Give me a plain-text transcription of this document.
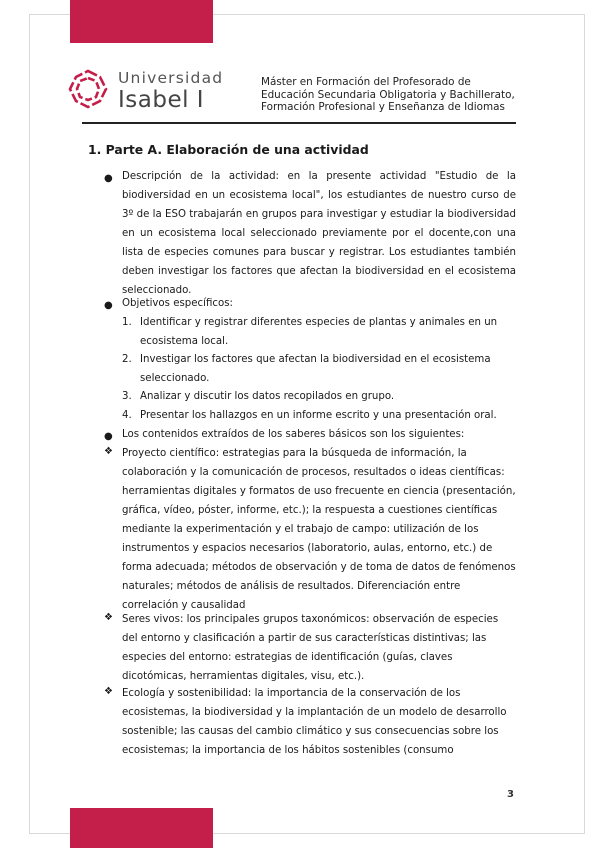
Universidad
Isabel I
Máster en Formación del Profesorado de
Educación Secundaria Obligatoria y Bachillerato,
Formación Profesional y Enseñanza de Idiomas
1. Parte A. Elaboración de una actividad
● Descripción de la actividad: en la presente actividad "Estudio de la
biodiversidad en un ecosistema local", los estudiantes de nuestro curso de
3º de la ESO trabajarán en grupos para investigar y estudiar la biodiversidad
en un ecosistema local seleccionado previamente por el docente,con una
lista de especies comunes para buscar y registrar. Los estudiantes también
deben investigar los factores que afectan la biodiversidad en el ecosistema
seleccionado.
● Objetivos específicos:
1. Identificar y registrar diferentes especies de plantas y animales en un
ecosistema local.
2. Investigar los factores que afectan la biodiversidad en el ecosistema
seleccionado.
3. Analizar y discutir los datos recopilados en grupo.
4. Presentar los hallazgos en un informe escrito y una presentación oral.
● Los contenidos extraídos de los saberes básicos son los siguientes:
❖ Proyecto científico: estrategias para la búsqueda de información, la
colaboración y la comunicación de procesos, resultados o ideas científicas:
herramientas digitales y formatos de uso frecuente en ciencia (presentación,
gráfica, vídeo, póster, informe, etc.); la respuesta a cuestiones científicas
mediante la experimentación y el trabajo de campo: utilización de los
instrumentos y espacios necesarios (laboratorio, aulas, entorno, etc.) de
forma adecuada; métodos de observación y de toma de datos de fenómenos
naturales; métodos de análisis de resultados. Diferenciación entre
correlación y causalidad
❖ Seres vivos: los principales grupos taxonómicos: observación de especies
del entorno y clasificación a partir de sus características distintivas; las
especies del entorno: estrategias de identificación (guías, claves
dicotómicas, herramientas digitales, visu, etc.).
❖ Ecología y sostenibilidad: la importancia de la conservación de los
ecosistemas, la biodiversidad y la implantación de un modelo de desarrollo
sostenible; las causas del cambio climático y sus consecuencias sobre los
ecosistemas; la importancia de los hábitos sostenibles (consumo
3
